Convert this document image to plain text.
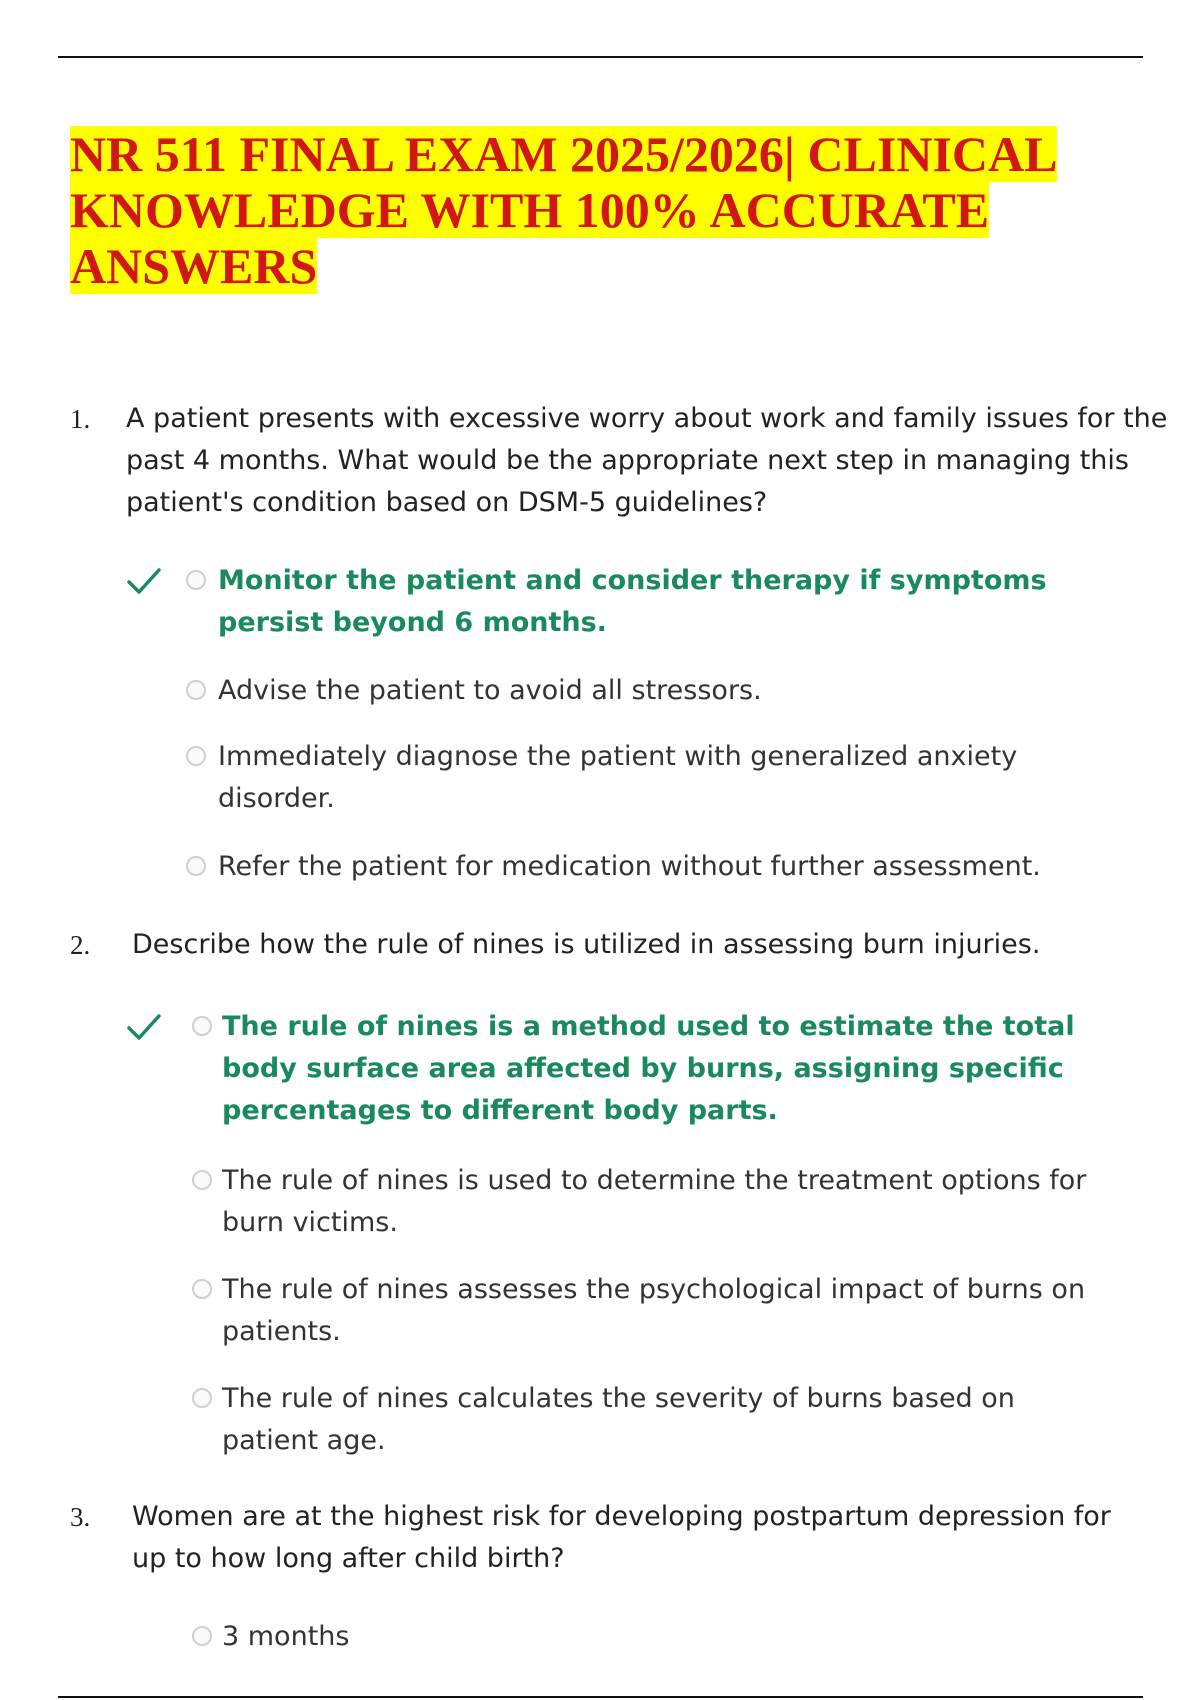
NR 511 FINAL EXAM 2025/2026| CLINICAL KNOWLEDGE WITH 100% ACCURATE ANSWERS
1. A patient presents with excessive worry about work and family issues for the past 4 months. What would be the appropriate next step in managing this patient's condition based on DSM-5 guidelines?
Monitor the patient and consider therapy if symptoms persist beyond 6 months.
Advise the patient to avoid all stressors.
Immediately diagnose the patient with generalized anxiety disorder.
Refer the patient for medication without further assessment.
2. Describe how the rule of nines is utilized in assessing burn injuries.
The rule of nines is a method used to estimate the total body surface area affected by burns, assigning specific percentages to different body parts.
The rule of nines is used to determine the treatment options for burn victims.
The rule of nines assesses the psychological impact of burns on patients.
The rule of nines calculates the severity of burns based on patient age.
3. Women are at the highest risk for developing postpartum depression for up to how long after child birth?
3 months
